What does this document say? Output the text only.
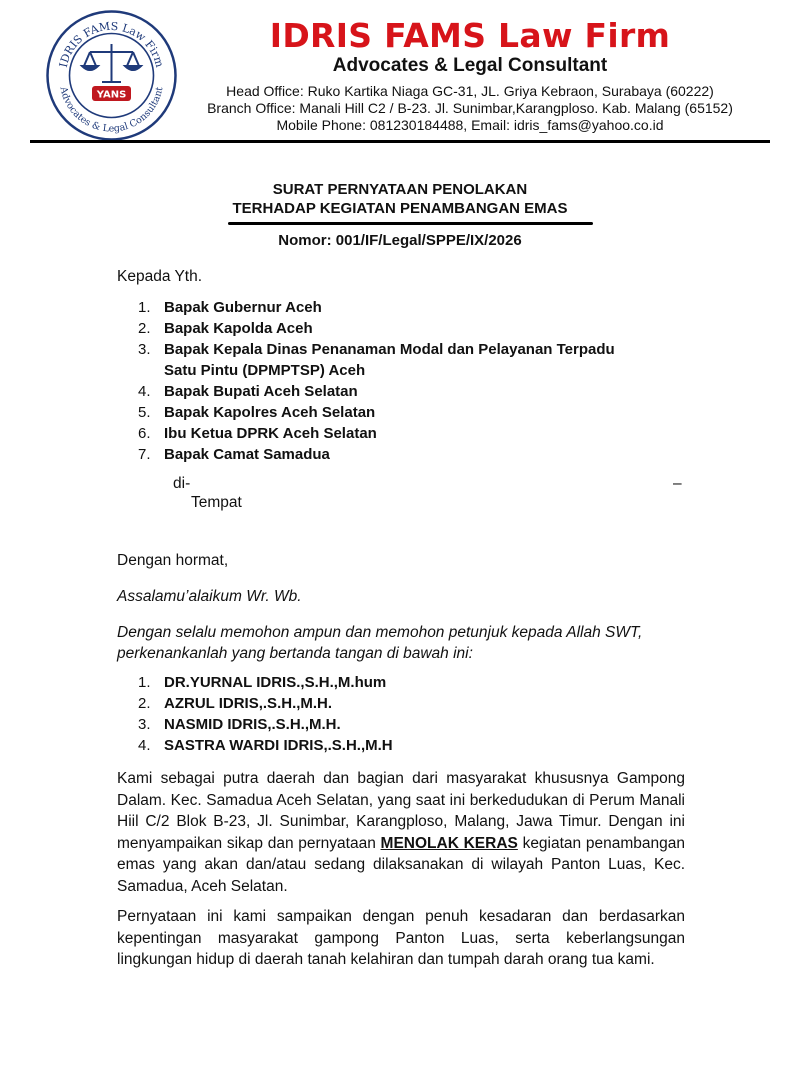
IDRIS FAMS Law Firm
Advocates & Legal Consultant
YANS
IDRIS FAMS Law Firm
Advocates & Legal Consultant
Head Office: Ruko Kartika Niaga GC-31, JL. Griya Kebraon, Surabaya (60222)
Branch Office: Manali Hill C2 / B-23. Jl. Sunimbar,Karangploso. Kab. Malang (65152)
Mobile Phone: 081230184488, Email: idris_fams@yahoo.co.id
SURAT PERNYATAAN PENOLAKAN
TERHADAP KEGIATAN PENAMBANGAN EMAS
Nomor: 001/IF/Legal/SPPE/IX/2026
Kepada Yth.
1. Bapak Gubernur Aceh
2. Bapak Kapolda Aceh
3. Bapak Kepala Dinas Penanaman Modal dan Pelayanan Terpadu
Satu Pintu (DPMPTSP) Aceh
4. Bapak Bupati Aceh Selatan
5. Bapak Kapolres Aceh Selatan
6. Ibu Ketua DPRK Aceh Selatan
7. Bapak Camat Samadua
di-	–
Tempat
Dengan hormat,
Assalamu’alaikum Wr. Wb.
Dengan selalu memohon ampun dan memohon petunjuk kepada Allah SWT,
perkenankanlah yang bertanda tangan di bawah ini:
1. DR.YURNAL IDRIS.,S.H.,M.hum
2. AZRUL IDRIS,.S.H.,M.H.
3. NASMID IDRIS,.S.H.,M.H.
4. SASTRA WARDI IDRIS,.S.H.,M.H

Kami sebagai putra daerah dan bagian dari masyarakat khususnya Gampong Dalam. Kec. Samadua Aceh Selatan, yang saat ini berkedudukan di Perum Manali Hiil C/2 Blok B-23, Jl. Sunimbar, Karangploso, Malang, Jawa Timur. Dengan ini menyampaikan sikap dan pernyataan MENOLAK KERAS kegiatan penambangan emas yang akan dan/atau sedang dilaksanakan di wilayah Panton Luas, Kec. Samadua, Aceh Selatan.

Pernyataan ini kami sampaikan dengan penuh kesadaran dan berdasarkan kepentingan masyarakat gampong Panton Luas, serta keberlangsungan lingkungan hidup di daerah tanah kelahiran dan tumpah darah orang tua kami.
